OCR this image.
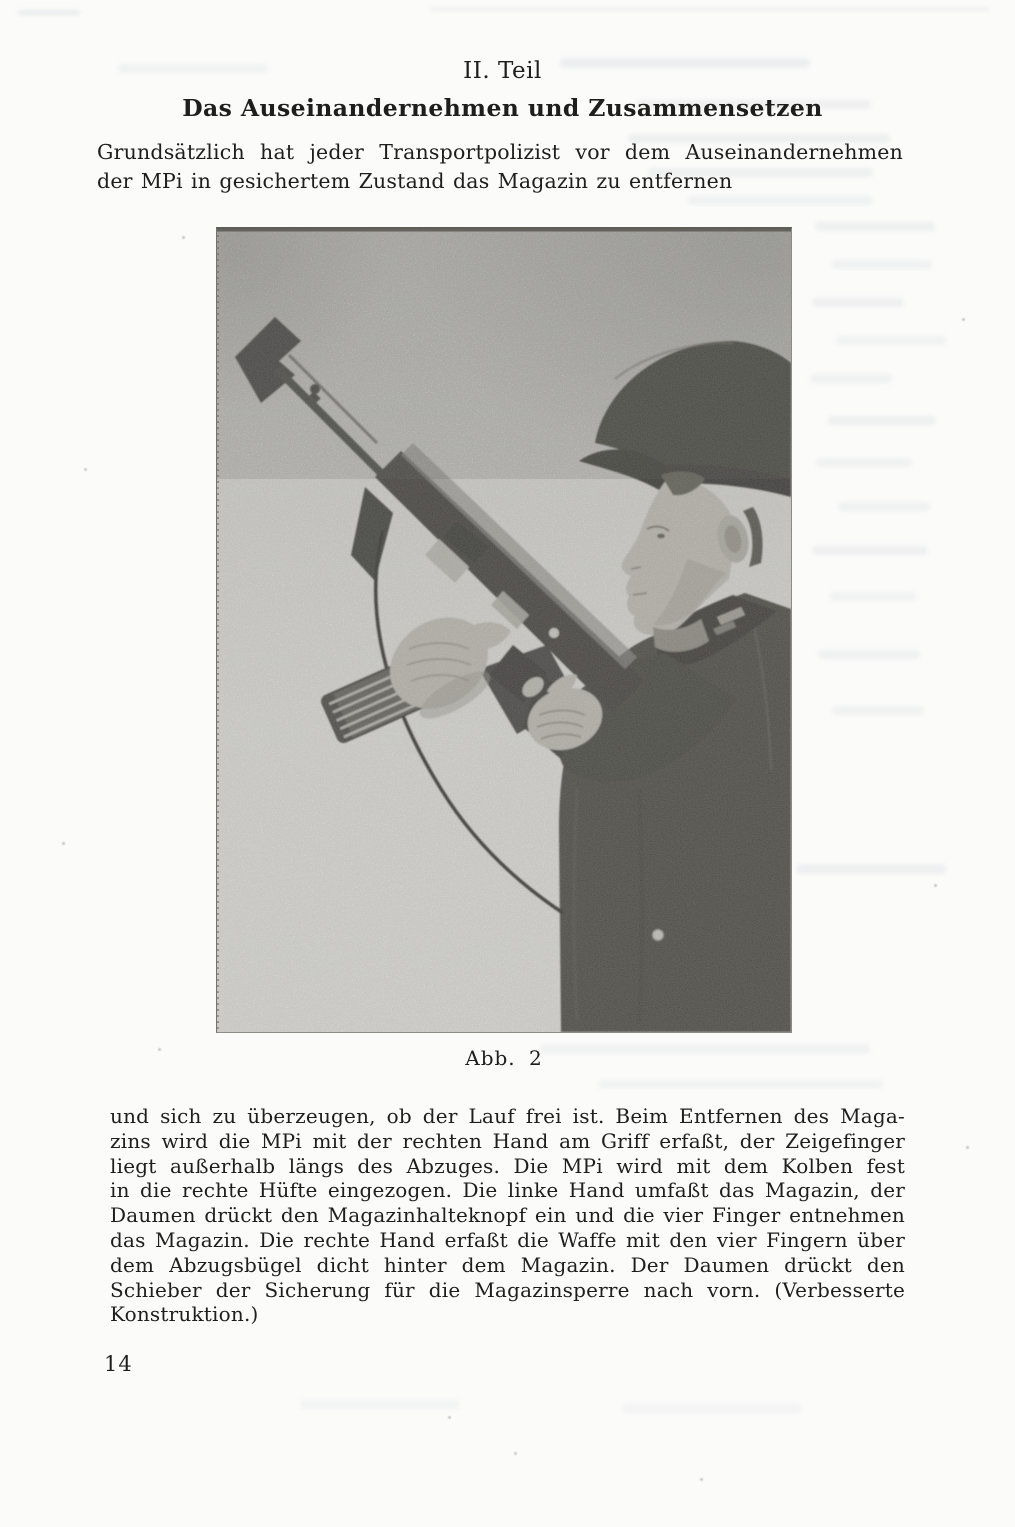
II. Teil
Das Auseinandernehmen und Zusammensetzen
Grundsätzlich hat jeder Transportpolizist vor dem Auseinandernehmen
der MPi in gesichertem Zustand das Magazin zu entfernen
Abb. 2
und sich zu überzeugen, ob der Lauf frei ist. Beim Entfernen des Maga-
zins wird die MPi mit der rechten Hand am Griff erfaßt, der Zeigefinger
liegt außerhalb längs des Abzuges. Die MPi wird mit dem Kolben fest
in die rechte Hüfte eingezogen. Die linke Hand umfaßt das Magazin, der
Daumen drückt den Magazinhalteknopf ein und die vier Finger entnehmen
das Magazin. Die rechte Hand erfaßt die Waffe mit den vier Fingern über
dem Abzugsbügel dicht hinter dem Magazin. Der Daumen drückt den
Schieber der Sicherung für die Magazinsperre nach vorn. (Verbesserte
Konstruktion.)
14
